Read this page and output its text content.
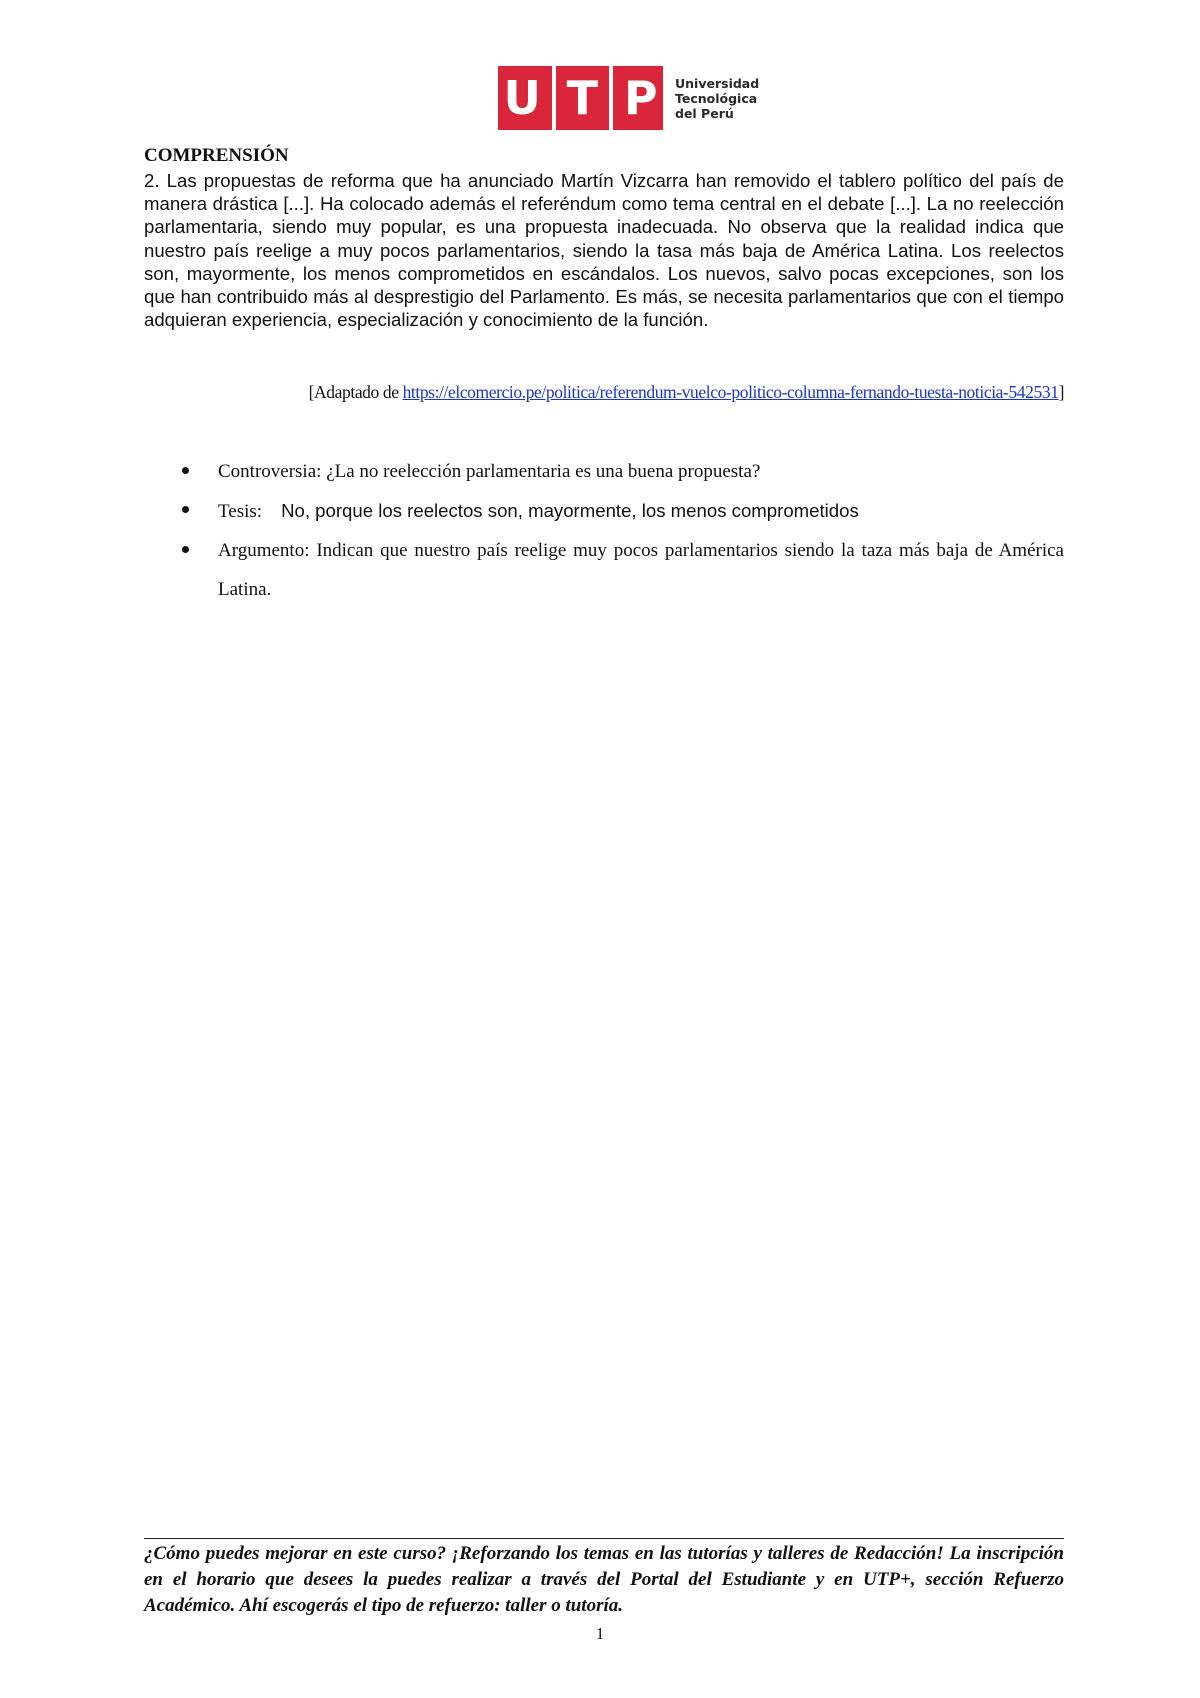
U T P Universidad
Tecnológica
del Perú
COMPRENSIÓN
2. Las propuestas de reforma que ha anunciado Martín Vizcarra han removido el tablero político del país de manera drástica [...]. Ha colocado además el referéndum como tema central en el debate [...]. La no reelección parlamentaria, siendo muy popular, es una propuesta inadecuada. No observa que la realidad indica que nuestro país reelige a muy pocos parlamentarios, siendo la tasa más baja de América Latina. Los reelectos son, mayormente, los menos comprometidos en escándalos. Los nuevos, salvo pocas excepciones, son los que han contribuido más al desprestigio del Parlamento. Es más, se necesita parlamentarios que con el tiempo adquieran experiencia, especialización y conocimiento de la función.
[Adaptado de https://elcomercio.pe/politica/referendum-vuelco-politico-columna-fernando-tuesta-noticia-542531]
Controversia: ¿La no reelección parlamentaria es una buena propuesta?
Tesis:    No, porque los reelectos son, mayormente, los menos comprometidos
Argumento: Indican que nuestro país reelige muy pocos parlamentarios siendo la taza más baja de América Latina.
¿Cómo puedes mejorar en este curso? ¡Reforzando los temas en las tutorías y talleres de Redacción! La inscripción en el horario que desees la puedes realizar a través del Portal del Estudiante y en UTP+, sección Refuerzo Académico. Ahí escogerás el tipo de refuerzo: taller o tutoría.
1
